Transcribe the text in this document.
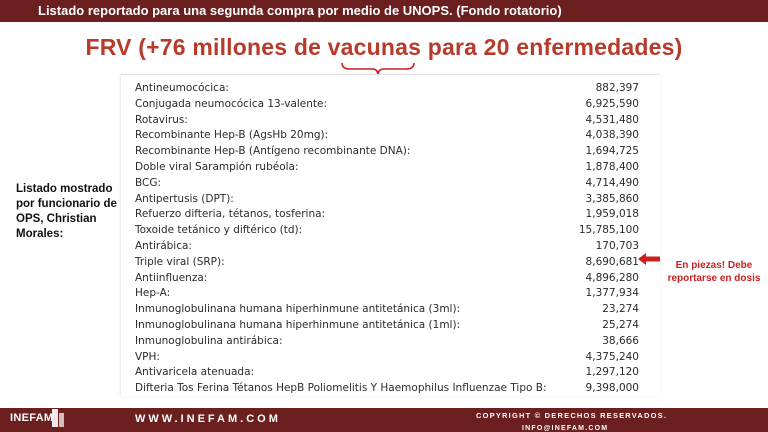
Listado reportado para una segunda compra por medio de UNOPS. (Fondo rotatorio)
FRV (+76 millones de vacunas para 20 enfermedades)
Listado mostrado por funcionario de OPS, Christian Morales:
Antineumocócica:	882,397
Conjugada neumocócica 13-valente:	6,925,590
Rotavirus:	4,531,480
Recombinante Hep-B (AgsHb 20mg):	4,038,390
Recombinante Hep-B (Antígeno recombinante DNA):	1,694,725
Doble viral Sarampión rubéola:	1,878,400
BCG:	4,714,490
Antipertusis (DPT):	3,385,860
Refuerzo difteria, tétanos, tosferina:	1,959,018
Toxoide tetánico y diftérico (td):	15,785,100
Antirábica:	170,703
Triple viral (SRP):	8,690,681
Antiinfluenza:	4,896,280
Hep-A:	1,377,934
Inmunoglobulinana humana hiperhinmune antitetánica (3ml):	23,274
Inmunoglobulinana humana hiperhinmune antitetánica (1ml):	25,274
Inmunoglobulina antirábica:	38,666
VPH:	4,375,240
Antivaricela atenuada:	1,297,120
Difteria Tos Ferina Tétanos HepB Poliomelitis Y Haemophilus Influenzae Tipo B:	9,398,000
En piezas! Debe reportarse en dosis
INEFAM	WWW.INEFAM.COM	COPYRIGHT © DERECHOS RESERVADOS.
INFO@INEFAM.COM
